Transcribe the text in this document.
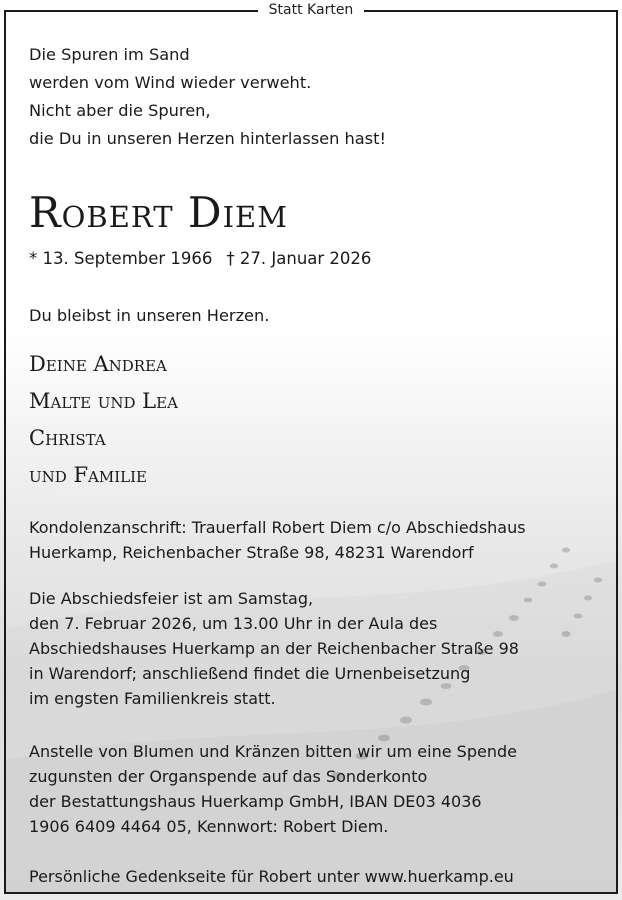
Statt Karten
Die Spuren im Sand
werden vom Wind wieder verweht.
Nicht aber die Spuren,
die Du in unseren Herzen hinterlassen hast!
Robert Diem
* 13. September 1966 † 27. Januar 2026
Du bleibst in unseren Herzen.
Deine Andrea
Malte und Lea
Christa
und Familie
Kondolenzanschrift: Trauerfall Robert Diem c/o Abschiedshaus
Huerkamp, Reichenbacher Straße 98, 48231 Warendorf
Die Abschiedsfeier ist am Samstag,
den 7. Februar 2026, um 13.00 Uhr in der Aula des
Abschiedshauses Huerkamp an der Reichenbacher Straße 98
in Warendorf; anschließend findet die Urnenbeisetzung
im engsten Familienkreis statt.
Anstelle von Blumen und Kränzen bitten wir um eine Spende
zugunsten der Organspende auf das Sonderkonto
der Bestattungshaus Huerkamp GmbH, IBAN DE03 4036
1906 6409 4464 05, Kennwort: Robert Diem.
Persönliche Gedenkseite für Robert unter www.huerkamp.eu
